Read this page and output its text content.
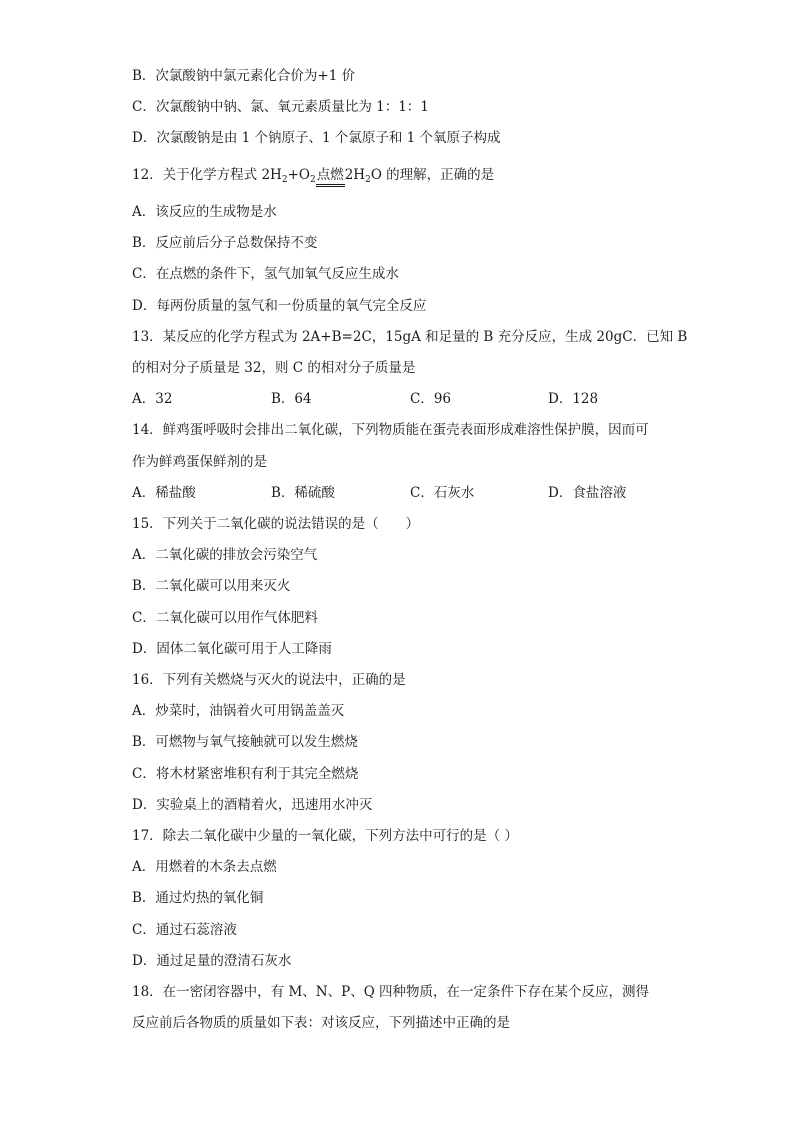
B．次氯酸钠中氯元素化合价为+1 价
C．次氯酸钠中钠、氯、氧元素质量比为 1：1：1
D．次氯酸钠是由 1 个钠原子、1 个氯原子和 1 个氧原子构成
12．关于化学方程式 $2H_2+O_2$点燃$2H_2O$ 的理解，正确的是
A．该反应的生成物是水
B．反应前后分子总数保持不变
C．在点燃的条件下，氢气加氧气反应生成水
D．每两份质量的氢气和一份质量的氧气完全反应
13．某反应的化学方程式为 2A+B=2C，15gA 和足量的 B 充分反应，生成 20gC．已知 B
的相对分子质量是 32，则 C 的相对分子质量是
A．32	B．64	C．96	D．128
14．鲜鸡蛋呼吸时会排出二氧化碳，下列物质能在蛋壳表面形成难溶性保护膜，因而可
作为鲜鸡蛋保鲜剂的是
A．稀盐酸	B．稀硫酸	C．石灰水	D．食盐溶液
15．下列关于二氧化碳的说法错误的是（　　）
A．二氧化碳的排放会污染空气
B．二氧化碳可以用来灭火
C．二氧化碳可以用作气体肥料
D．固体二氧化碳可用于人工降雨
16．下列有关燃烧与灭火的说法中，正确的是
A．炒菜时，油锅着火可用锅盖盖灭
B．可燃物与氧气接触就可以发生燃烧
C．将木材紧密堆积有利于其完全燃烧
D．实验桌上的酒精着火，迅速用水冲灭
17．除去二氧化碳中少量的一氧化碳，下列方法中可行的是（ ）
A．用燃着的木条去点燃
B．通过灼热的氧化铜
C．通过石蕊溶液
D．通过足量的澄清石灰水
18．在一密闭容器中，有 M、N、P、Q 四种物质，在一定条件下存在某个反应，测得
反应前后各物质的质量如下表：对该反应，下列描述中正确的是
